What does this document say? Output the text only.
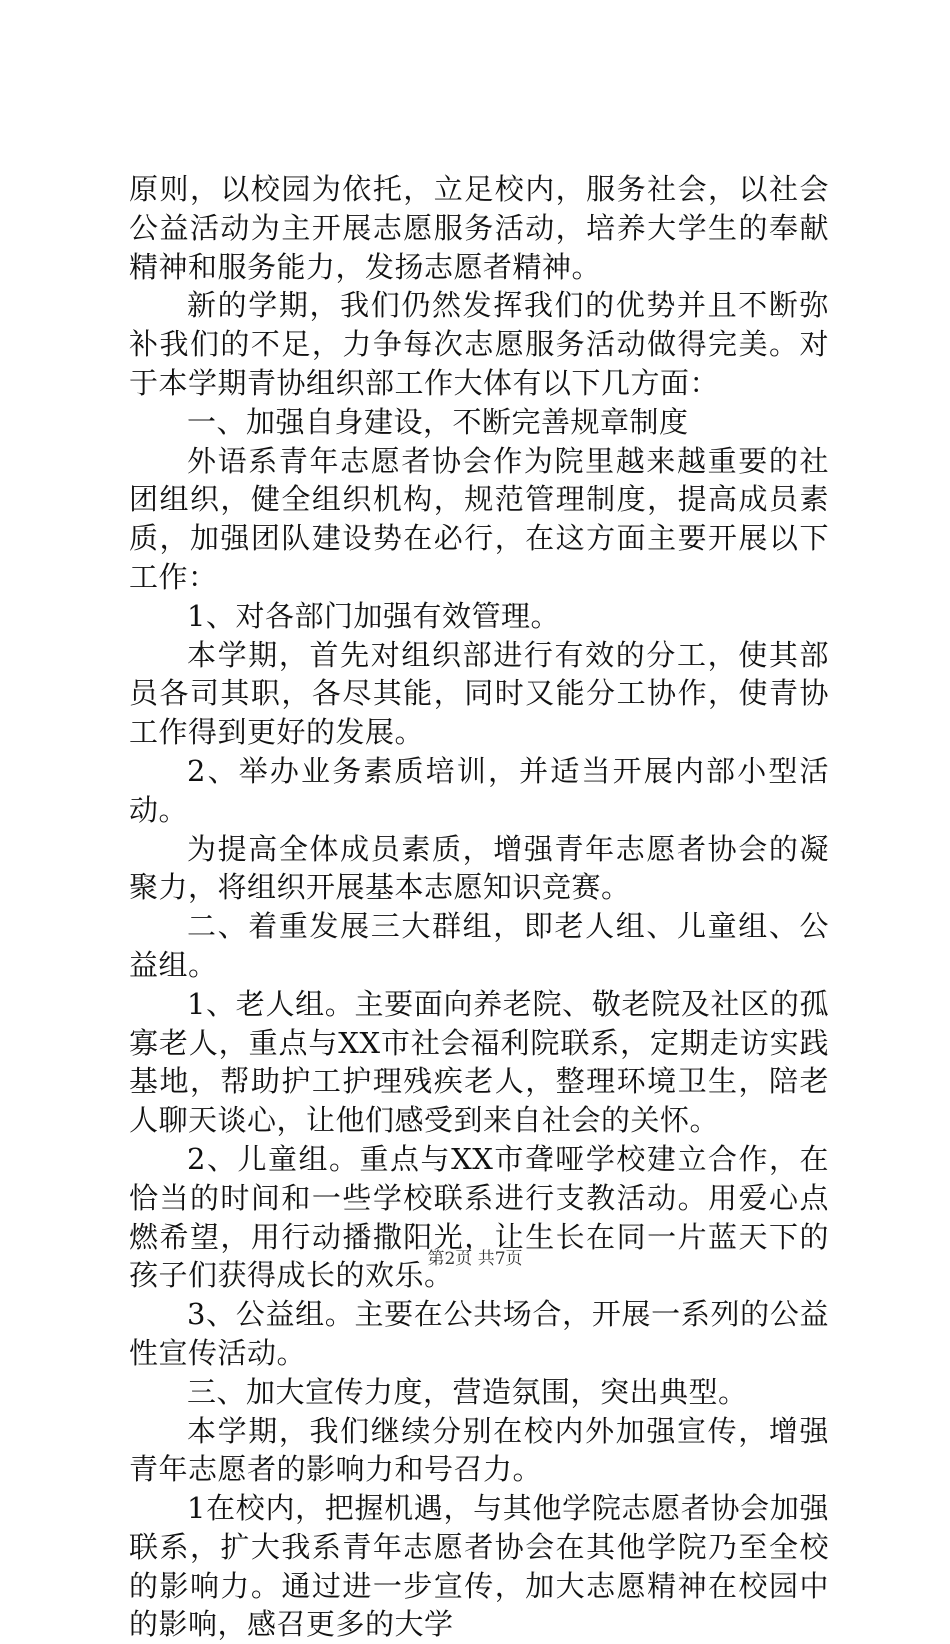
原则，以校园为依托，立足校内，服务社会，以社会公益活动为主开展志愿服务活动，培养大学生的奉献精神和服务能力，发扬志愿者精神。

新的学期，我们仍然发挥我们的优势并且不断弥补我们的不足，力争每次志愿服务活动做得完美。对于本学期青协组织部工作大体有以下几方面：

一、加强自身建设，不断完善规章制度

外语系青年志愿者协会作为院里越来越重要的社团组织，健全组织机构，规范管理制度，提高成员素质，加强团队建设势在必行，在这方面主要开展以下工作：

1、对各部门加强有效管理。

本学期，首先对组织部进行有效的分工，使其部员各司其职，各尽其能，同时又能分工协作，使青协工作得到更好的发展。

2、举办业务素质培训，并适当开展内部小型活动。

为提高全体成员素质，增强青年志愿者协会的凝聚力，将组织开展基本志愿知识竞赛。

二、着重发展三大群组，即老人组、儿童组、公益组。

1、老人组。主要面向养老院、敬老院及社区的孤寡老人，重点与XX市社会福利院联系，定期走访实践基地，帮助护工护理残疾老人，整理环境卫生，陪老人聊天谈心，让他们感受到来自社会的关怀。

2、儿童组。重点与XX市聋哑学校建立合作，在恰当的时间和一些学校联系进行支教活动。用爱心点燃希望，用行动播撒阳光，让生长在同一片蓝天下的孩子们获得成长的欢乐。

3、公益组。主要在公共场合，开展一系列的公益性宣传活动。

三、加大宣传力度，营造氛围，突出典型。

本学期，我们继续分别在校内外加强宣传，增强青年志愿者的影响力和号召力。

1在校内，把握机遇，与其他学院志愿者协会加强联系，扩大我系青年志愿者协会在其他学院乃至全校的影响力。通过进一步宣传，加大志愿精神在校园中的影响，感召更多的大学

第2页 共7页
